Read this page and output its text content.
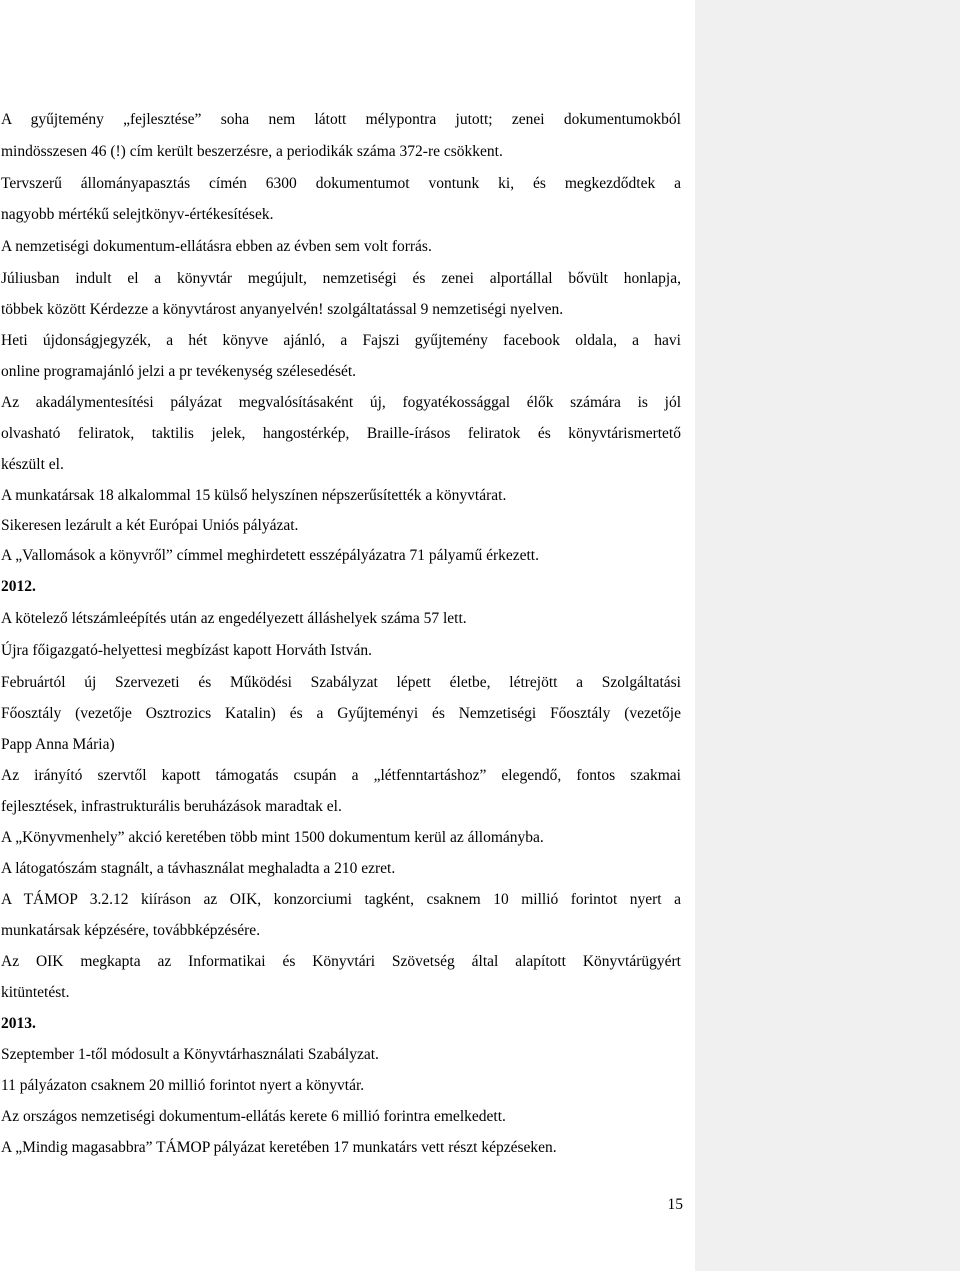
A gyűjtemény „fejlesztése” soha nem látott mélypontra jutott; zenei dokumentumokból
mindösszesen 46 (!) cím került beszerzésre, a periodikák száma 372-re csökkent.
Tervszerű állományapasztás címén 6300 dokumentumot vontunk ki, és megkezdődtek a
nagyobb mértékű selejtkönyv-értékesítések.
A nemzetiségi dokumentum-ellátásra ebben az évben sem volt forrás.
Júliusban indult el a könyvtár megújult, nemzetiségi és zenei alportállal bővült honlapja,
többek között Kérdezze a könyvtárost anyanyelvén! szolgáltatással 9 nemzetiségi nyelven.
Heti újdonságjegyzék, a hét könyve ajánló, a Fajszi gyűjtemény facebook oldala, a havi
online programajánló jelzi a pr tevékenység szélesedését.
Az akadálymentesítési pályázat megvalósításaként új, fogyatékossággal élők számára is jól
olvasható feliratok, taktilis jelek, hangostérkép, Braille-írásos feliratok és könyvtárismertető
készült el.
A munkatársak 18 alkalommal 15 külső helyszínen népszerűsítették a könyvtárat.
Sikeresen lezárult a két Európai Uniós pályázat.
A „Vallomások a könyvről” címmel meghirdetett esszépályázatra 71 pályamű érkezett.
2012.
A kötelező létszámleépítés után az engedélyezett álláshelyek száma 57 lett.
Újra főigazgató-helyettesi megbízást kapott Horváth István.
Februártól új Szervezeti és Működési Szabályzat lépett életbe, létrejött a Szolgáltatási
Főosztály (vezetője Osztrozics Katalin) és a Gyűjteményi és Nemzetiségi Főosztály (vezetője
Papp Anna Mária)
Az irányító szervtől kapott támogatás csupán a „létfenntartáshoz” elegendő, fontos szakmai
fejlesztések, infrastrukturális beruházások maradtak el.
A „Könyvmenhely” akció keretében több mint 1500 dokumentum kerül az állományba.
A látogatószám stagnált, a távhasználat meghaladta a 210 ezret.
A TÁMOP 3.2.12 kiíráson az OIK, konzorciumi tagként, csaknem 10 millió forintot nyert a
munkatársak képzésére, továbbképzésére.
Az OIK megkapta az Informatikai és Könyvtári Szövetség által alapított Könyvtárügyért
kitüntetést.
2013.
Szeptember 1-től módosult a Könyvtárhasználati Szabályzat.
11 pályázaton csaknem 20 millió forintot nyert a könyvtár.
Az országos nemzetiségi dokumentum-ellátás kerete 6 millió forintra emelkedett.
A „Mindig magasabbra” TÁMOP pályázat keretében 17 munkatárs vett részt képzéseken.
15
